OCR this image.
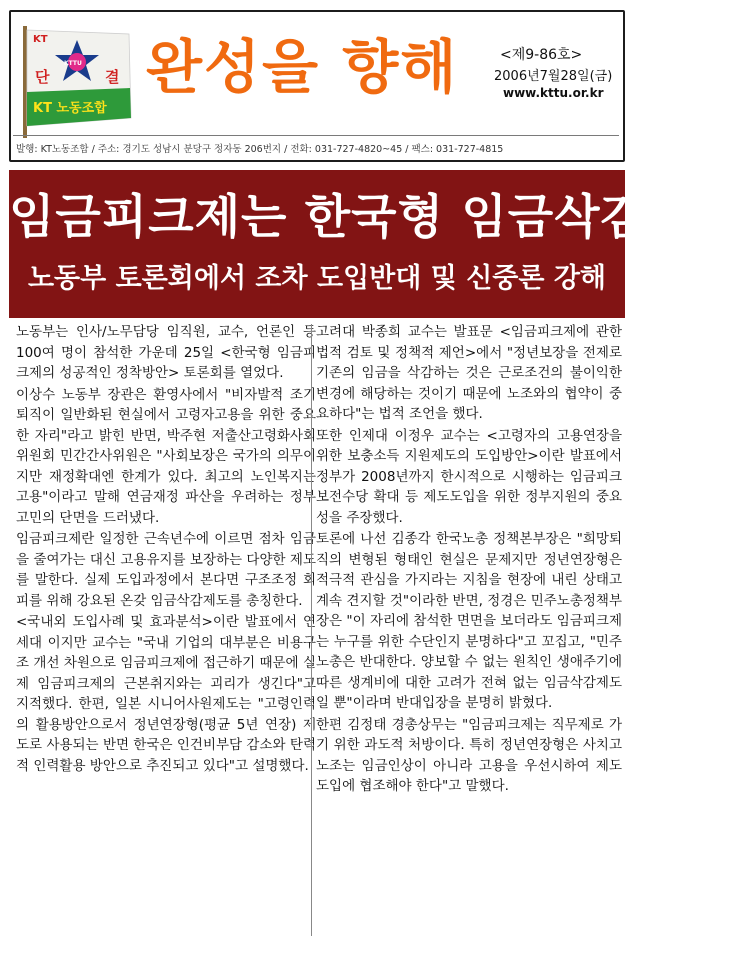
KT
단	결
KTTU
KT 노동조합
완성을 향해	<제9-86호>
2006년7월28일(금)
www.kttu.or.kr
발행: KT노동조합 / 주소: 경기도 성남시 분당구 정자동 206번지 / 전화: 031-727-4820~45 / 팩스: 031-727-4815
임금피크제는 한국형 임금삭감제도
노동부 토론회에서 조차 도입반대 및 신중론 강해

노동부는 인사/노무담당 임직원, 교수, 언론인 등 100여 명이 참석한 가운데 25일 <한국형 임금피크제의 성공적인 정착방안> 토론회를 열었다.

이상수 노동부 장관은 환영사에서 "비자발적 조기퇴직이 일반화된 현실에서 고령자고용을 위한 중요한 자리"라고 밝힌 반면, 박주현 저출산고령화사회위원회 민간간사위원은 "사회보장은 국가의 의무이지만 재정확대엔 한계가 있다. 최고의 노인복지는 고용"이라고 말해 연금재정 파산을 우려하는 정부 고민의 단면을 드러냈다.

임금피크제란 일정한 근속년수에 이르면 점차 임금을 줄여가는 대신 고용유지를 보장하는 다양한 제도를 말한다. 실제 도입과정에서 본다면 구조조정 회피를 위해 강요된 온갖 임금삭감제도를 총칭한다.

<국내외 도입사례 및 효과분석>이란 발표에서 연세대 이지만 교수는 "국내 기업의 대부분은 비용구조 개선 차원으로 임금피크제에 접근하기 때문에 실제 임금피크제의 근본취지와는 괴리가 생긴다"고 지적했다. 한편, 일본 시니어사원제도는 "고령인력의 활용방안으로서 정년연장형(평균 5년 연장) 제도로 사용되는 반면 한국은 인건비부담 감소와 탄력적 인력활용 방안으로 추진되고 있다"고 설명했다.

고려대 박종희 교수는 발표문 <임금피크제에 관한 법적 검토 및 정책적 제언>에서 "정년보장을 전제로 기존의 임금을 삭감하는 것은 근로조건의 불이익한 변경에 해당하는 것이기 때문에 노조와의 협약이 중요하다"는 법적 조언을 했다.

또한 인제대 이정우 교수는 <고령자의 고용연장을 위한 보충소득 지원제도의 도입방안>이란 발표에서 정부가 2008년까지 한시적으로 시행하는 임금피크보전수당 확대 등 제도도입을 위한 정부지원의 중요성을 주장했다.

토론에 나선 김종각 한국노총 정책본부장은 "희망퇴직의 변형된 형태인 현실은 문제지만 정년연장형은 적극적 관심을 가지라는 지침을 현장에 내린 상태고 계속 견지할 것"이라한 반면, 정경은 민주노총정책부장은 "이 자리에 참석한 면면을 보더라도 임금피크제는 누구를 위한 수단인지 분명하다"고 꼬집고, "민주노총은 반대한다. 양보할 수 없는 원칙인 생애주기에 따른 생계비에 대한 고려가 전혀 없는 임금삭감제도일 뿐"이라며 반대입장을 분명히 밝혔다.

한편 김정태 경총상무는 "임금피크제는 직무제로 가기 위한 과도적 처방이다. 특히 정년연장형은 사치고 노조는 임금인상이 아니라 고용을 우선시하여 제도도입에 협조해야 한다"고 말했다.
